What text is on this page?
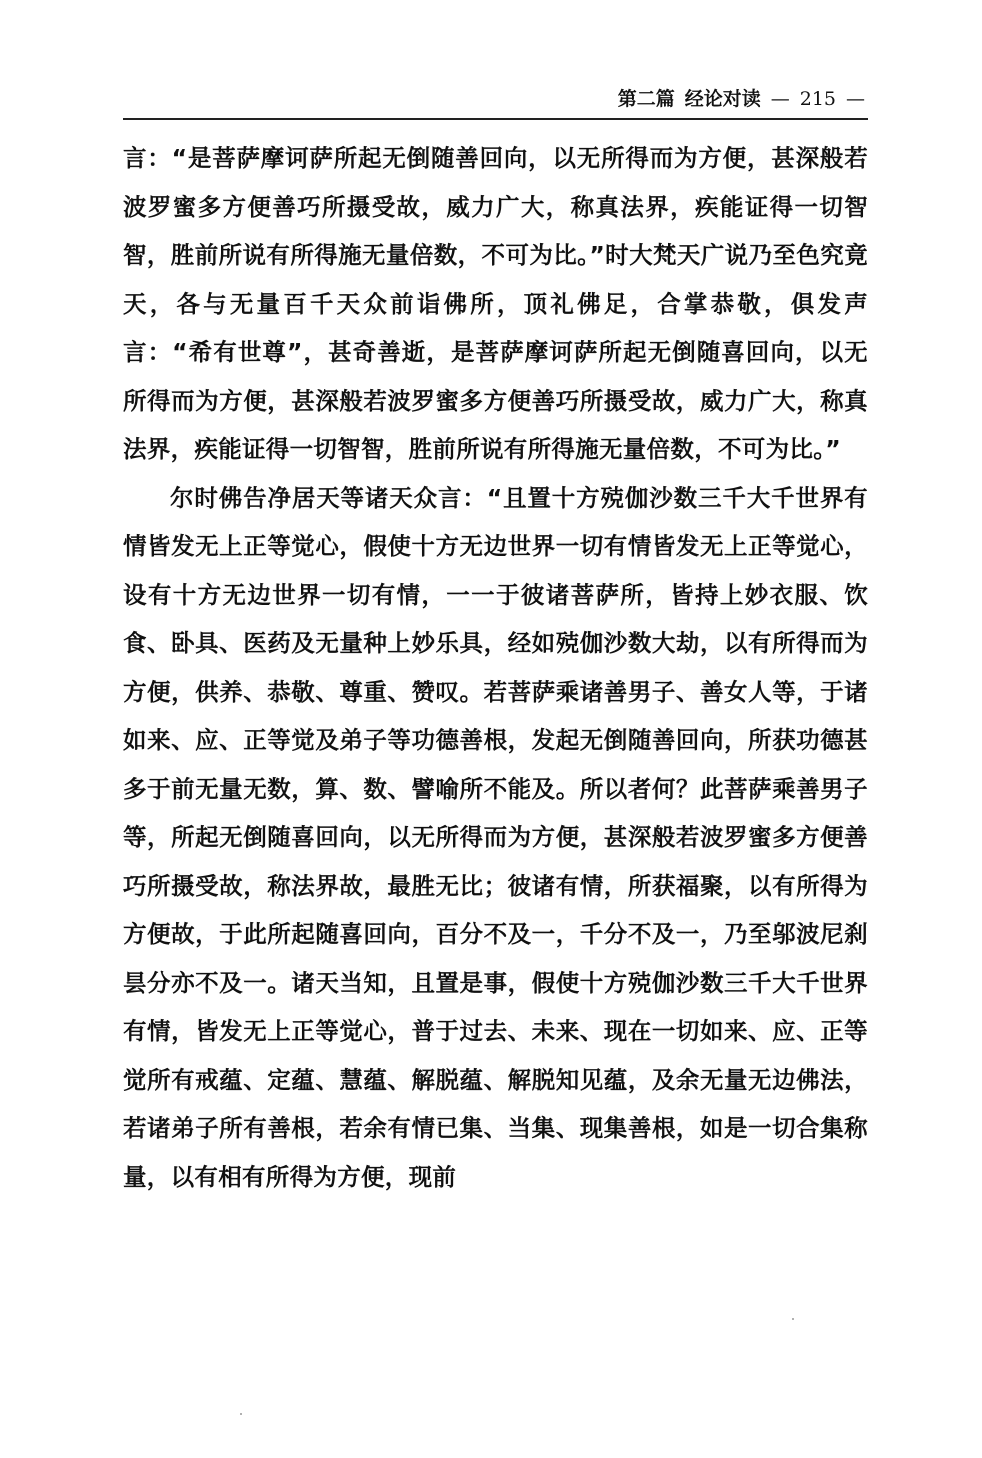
第二篇 经论对读 — 215 —

言：“是菩萨摩诃萨所起无倒随善回向，以无所得而为方便，甚深般若波罗蜜多方便善巧所摄受故，威力广大，称真法界，疾能证得一切智智，胜前所说有所得施无量倍数，不可为比。”时大梵天广说乃至色究竟天，各与无量百千天众前诣佛所，顶礼佛足，合掌恭敬，俱发声言：“希有世尊”，甚奇善逝，是菩萨摩诃萨所起无倒随喜回向，以无所得而为方便，甚深般若波罗蜜多方便善巧所摄受故，威力广大，称真法界，疾能证得一切智智，胜前所说有所得施无量倍数，不可为比。”

尔时佛告净居天等诸天众言：“且置十方殑伽沙数三千大千世界有情皆发无上正等觉心，假使十方无边世界一切有情皆发无上正等觉心，设有十方无边世界一切有情，一一于彼诸菩萨所，皆持上妙衣服、饮食、卧具、医药及无量种上妙乐具，经如殑伽沙数大劫，以有所得而为方便，供养、恭敬、尊重、赞叹。若菩萨乘诸善男子、善女人等，于诸如来、应、正等觉及弟子等功德善根，发起无倒随善回向，所获功德甚多于前无量无数，算、数、譬喻所不能及。所以者何？此菩萨乘善男子等，所起无倒随喜回向，以无所得而为方便，甚深般若波罗蜜多方便善巧所摄受故，称法界故，最胜无比；彼诸有情，所获福聚，以有所得为方便故，于此所起随喜回向，百分不及一，千分不及一，乃至邬波尼刹昙分亦不及一。诸天当知，且置是事，假使十方殑伽沙数三千大千世界有情，皆发无上正等觉心，普于过去、未来、现在一切如来、应、正等觉所有戒蕴、定蕴、慧蕴、解脱蕴、解脱知见蕴，及余无量无边佛法，若诸弟子所有善根，若余有情已集、当集、现集善根，如是一切合集称量，以有相有所得为方便，现前
